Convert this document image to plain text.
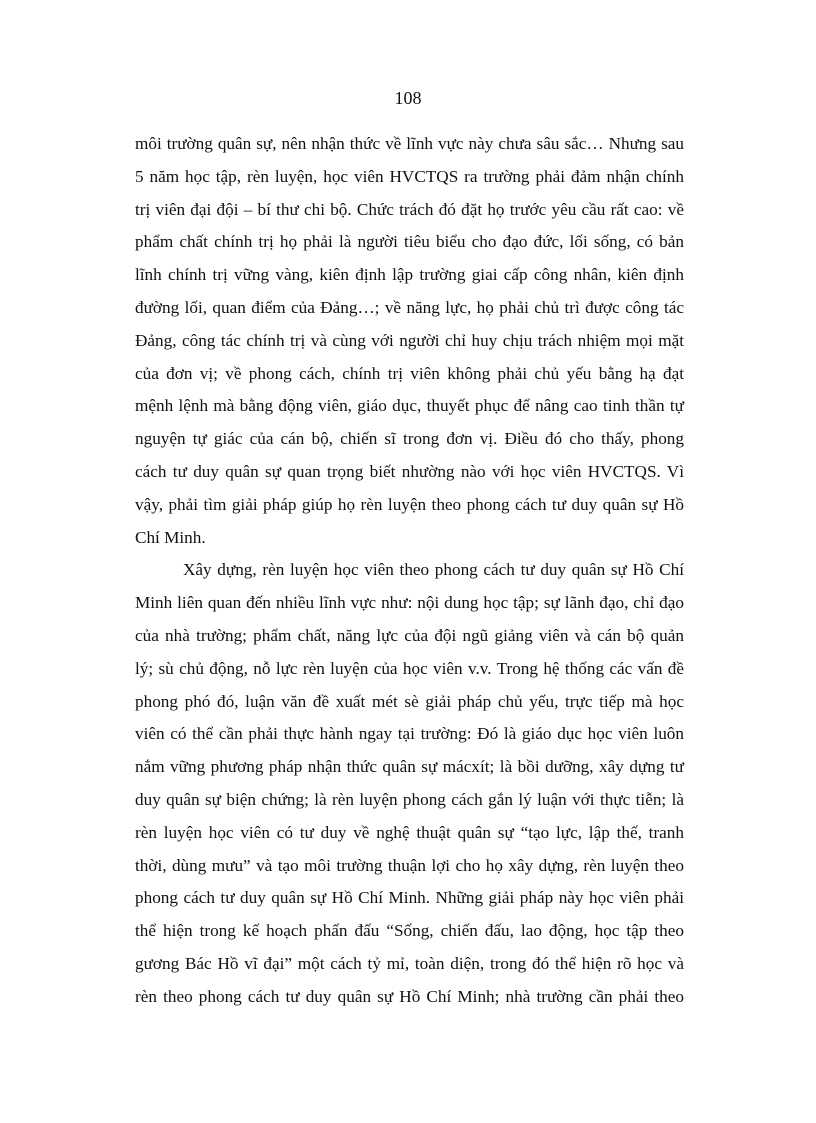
108
môi trường quân sự, nên nhận thức về lĩnh vực này chưa sâu sắc… Nhưng sau
5 năm học tập, rèn luyện, học viên HVCTQS ra trường phải đảm nhận chính
trị viên đại đội – bí thư chi bộ. Chức trách đó đặt họ trước yêu cầu rất cao: về
phẩm chất chính trị họ phải là người tiêu biểu cho đạo đức, lối sống, có bản
lĩnh chính trị vững vàng, kiên định lập trường giai cấp công nhân, kiên định
đường lối, quan điểm của Đảng…; về năng lực, họ phải chủ trì được công tác
Đảng, công tác chính trị và cùng với người chỉ huy chịu trách nhiệm mọi mặt
của đơn vị; về phong cách, chính trị viên không phải chủ yếu bằng hạ đạt
mệnh lệnh mà bằng động viên, giáo dục, thuyết phục để nâng cao tinh thần tự
nguyện tự giác của cán bộ, chiến sĩ trong đơn vị. Điều đó cho thấy, phong
cách tư duy quân sự quan trọng biết nhường nào với học viên HVCTQS. Vì
vậy, phải tìm giải pháp giúp họ rèn luyện theo phong cách tư duy quân sự Hồ
Chí Minh.
Xây dựng, rèn luyện học viên theo phong cách tư duy quân sự Hồ Chí
Minh liên quan đến nhiều lĩnh vực như: nội dung học tập; sự lãnh đạo, chỉ đạo
của nhà trường; phẩm chất, năng lực của đội ngũ giảng viên và cán bộ quản
lý; sù chủ động, nỗ lực rèn luyện của học viên v.v. Trong hệ thống các vấn đề
phong phó đó, luận văn đề xuất mét sè giải pháp chủ yếu, trực tiếp mà học
viên có thể cần phải thực hành ngay tại trường: Đó là giáo dục học viên luôn
nắm vững phương pháp nhận thức quân sự mácxít; là bồi dưỡng, xây dựng tư
duy quân sự biện chứng; là rèn luyện phong cách gắn lý luận với thực tiễn; là
rèn luyện học viên có tư duy về nghệ thuật quân sự “tạo lực, lập thế, tranh
thời, dùng mưu” và tạo môi trường thuận lợi cho họ xây dựng, rèn luyện theo
phong cách tư duy quân sự Hồ Chí Minh. Những giải pháp này học viên phải
thể hiện trong kế hoạch phấn đấu “Sống, chiến đấu, lao động, học tập theo
gương Bác Hồ vĩ đại” một cách tỷ mỉ, toàn diện, trong đó thể hiện rõ học và
rèn theo phong cách tư duy quân sự Hồ Chí Minh; nhà trường cần phải theo
